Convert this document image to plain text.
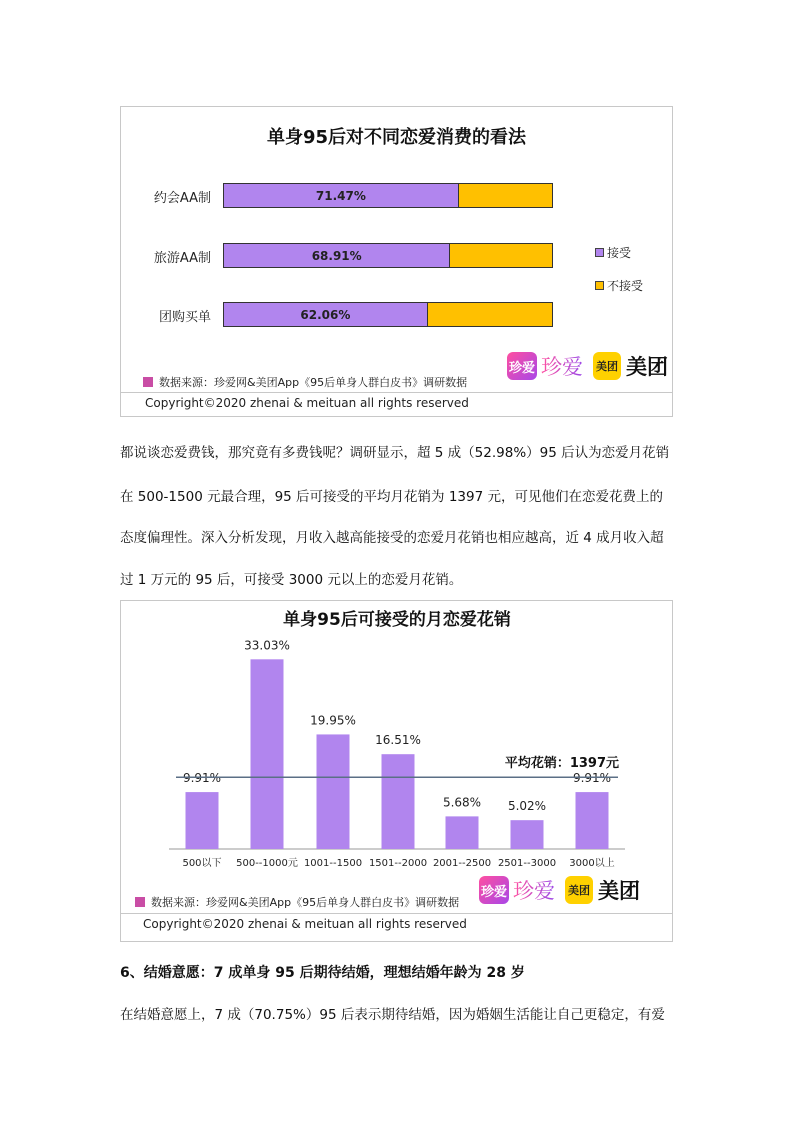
单身95后对不同恋爱消费的看法
约会AA制	71.47%
旅游AA制	68.91%
团购买单	62.06%
接受
不接受
数据来源：珍爱网&美团App《95后单身人群白皮书》调研数据
珍爱 珍爱 美团 美团
Copyright©2020 zhenai & meituan all rights reserved
都说谈恋爱费钱，那究竟有多费钱呢？调研显示，超 5 成（52.98%）95 后认为恋爱月花销
在 500-1500 元最合理，95 后可接受的平均月花销为 1397 元，可见他们在恋爱花费上的
态度偏理性。深入分析发现，月收入越高能接受的恋爱月花销也相应越高，近 4 成月收入超
过 1 万元的 95 后，可接受 3000 元以上的恋爱月花销。
单身95后可接受的月恋爱花销
9.91%
500以下
33.03%
500--1000元
19.95%
1001--1500
16.51%
1501--2000
5.68%
2001--2500
5.02%
2501--3000
9.91%
3000以上
平均花销：1397元
数据来源：珍爱网&美团App《95后单身人群白皮书》调研数据
珍爱 珍爱 美团 美团
Copyright©2020 zhenai & meituan all rights reserved
6、结婚意愿：7 成单身 95 后期待结婚，理想结婚年龄为 28 岁
在结婚意愿上，7 成（70.75%）95 后表示期待结婚，因为婚姻生活能让自己更稳定，有爱
